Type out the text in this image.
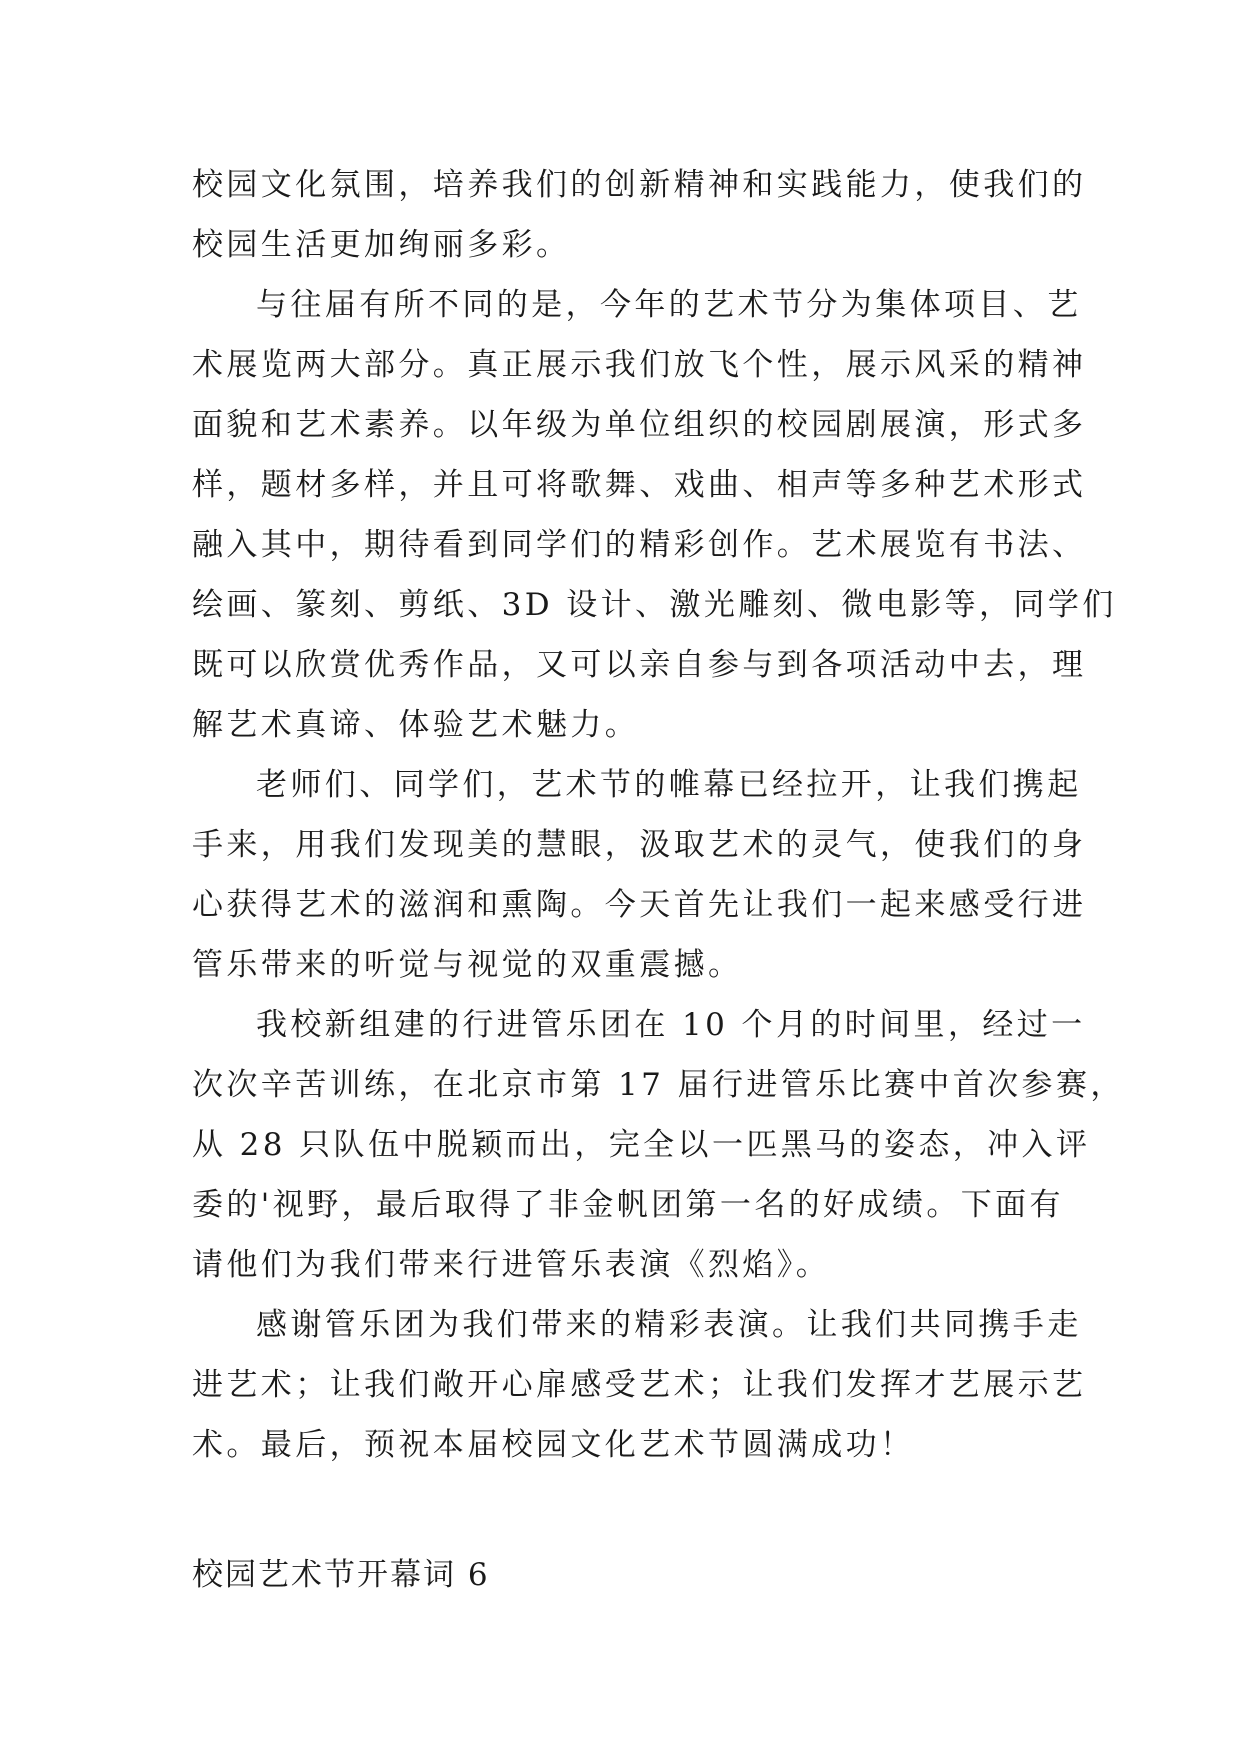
校园文化氛围，培养我们的创新精神和实践能力，使我们的
校园生活更加绚丽多彩。
与往届有所不同的是，今年的艺术节分为集体项目、艺
术展览两大部分。真正展示我们放飞个性，展示风采的精神
面貌和艺术素养。以年级为单位组织的校园剧展演，形式多
样，题材多样，并且可将歌舞、戏曲、相声等多种艺术形式
融入其中，期待看到同学们的精彩创作。艺术展览有书法、
绘画、篆刻、剪纸、3D 设计、激光雕刻、微电影等，同学们
既可以欣赏优秀作品，又可以亲自参与到各项活动中去，理
解艺术真谛、体验艺术魅力。
老师们、同学们，艺术节的帷幕已经拉开，让我们携起
手来，用我们发现美的慧眼，汲取艺术的灵气，使我们的身
心获得艺术的滋润和熏陶。今天首先让我们一起来感受行进
管乐带来的听觉与视觉的双重震撼。
我校新组建的行进管乐团在 10 个月的时间里，经过一
次次辛苦训练，在北京市第 17 届行进管乐比赛中首次参赛，
从 28 只队伍中脱颖而出，完全以一匹黑马的姿态，冲入评
委的'视野，最后取得了非金帆团第一名的好成绩。下面有
请他们为我们带来行进管乐表演《烈焰》。
感谢管乐团为我们带来的精彩表演。让我们共同携手走
进艺术；让我们敞开心扉感受艺术；让我们发挥才艺展示艺
术。最后，预祝本届校园文化艺术节圆满成功！
校园艺术节开幕词 6
